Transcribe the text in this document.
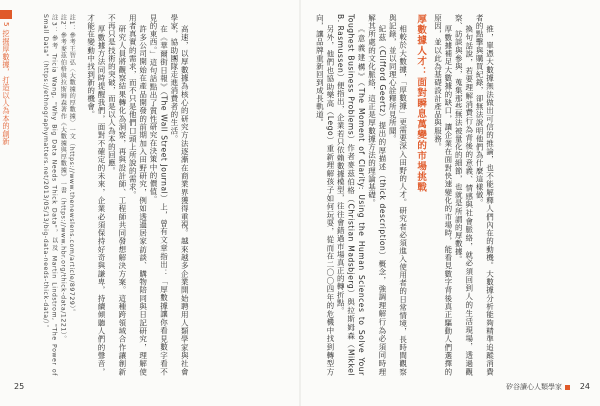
5 挖掘厚數據，打造以人為本的創新	推，單憑大數據無法做出可信的推論，也不能解釋人們內在的動機。大數據分析能夠精準追蹤消費者的點擊與購買紀錄，卻無法說明他們為什麼這樣做。

換句話說，若要理解消費行為背後的意義、情感與社會脈絡，就必須回到人的生活現場，透過觀察、訪談與參與，蒐集那些無法被量化的細節，也就是所謂的厚數據。

厚數據補足大數據的缺口，讓企業在面對快速變化的市場時，能看見數字背後真正驅動人們選擇的原因，並以此為基礎設計產品與服務。

厚數據人才：面對瞬息萬變的市場挑戰

相較於大數據，「厚數據」更需要深入田野的人才。研究者必須進入使用者的日常情境，長時間觀察與記錄，並以同理心詮釋所見所聞。

紀茲（Clifford Geertz）提出的厚描述（thick description）概念，強調理解行為必須同時理解其所處的文化脈絡，這正是厚數據方法的理論基礎。

《意義建構》（The Moment of Clarity: Using the Human Sciences to Solve Your Toughest Business Problems）作者麥茲伯格（Christian Madsbjerg）與拉斯姆森（Mikkel B. Rasmussen）便指出，企業若只依賴數據模型，往往會錯過市場真正的轉折點。

另外，他們也協助樂高（Lego）重新理解孩子如何玩耍，從而在二〇〇四年的危機中找到轉型方向，讓品牌重新回到成長軌道。

高速，以厚數據為核心的研究方法逐漸在商業界獲得重視。越來越多企業開始聘用人類學家與社會學家，協助團隊走進消費者的生活。

在《華爾街日報》（The Wall Street Journal）上，曾有文章指出：「厚數據讓你看見數字看不見的東西。」這句話點出了質性研究在決策中的價值。

許多公司開始在產品開發的前期加入田野研究，例如透過居家訪談、購物陪同與日記研究，理解使用者真實的需求，而不只是他們口頭上所說的需求。

研究人員將觀察結果轉化為洞察，再與設計師、工程師共同發想解決方案。這種跨領域合作讓創新不再只是技術的突破，而是以人為本的回應。

厚數據方法同時提醒我們，面對不確定的未來，企業必須保持好奇與謙卑，持續傾聽人們的聲音，才能在變動中找到新的機會。

註1：參考王智弘〈大數據的厚數據〉一文（https://www.thenewslens.com/article/89729）。

註2：參考麥茲伯格與拉斯姆森著作《大數據與厚數據》一書（https://www.hbr.org/thick-data/1221）。

註3：參考 Tricia Wang, "Why Big Data Needs Thick Data"，以及 Martin Lindstrom, "The Power of Small Data"（https://ethnographymatters.net/2013/05/13/big-data-needs-thick-data/）。

25	矽谷讀心人類學家	24
